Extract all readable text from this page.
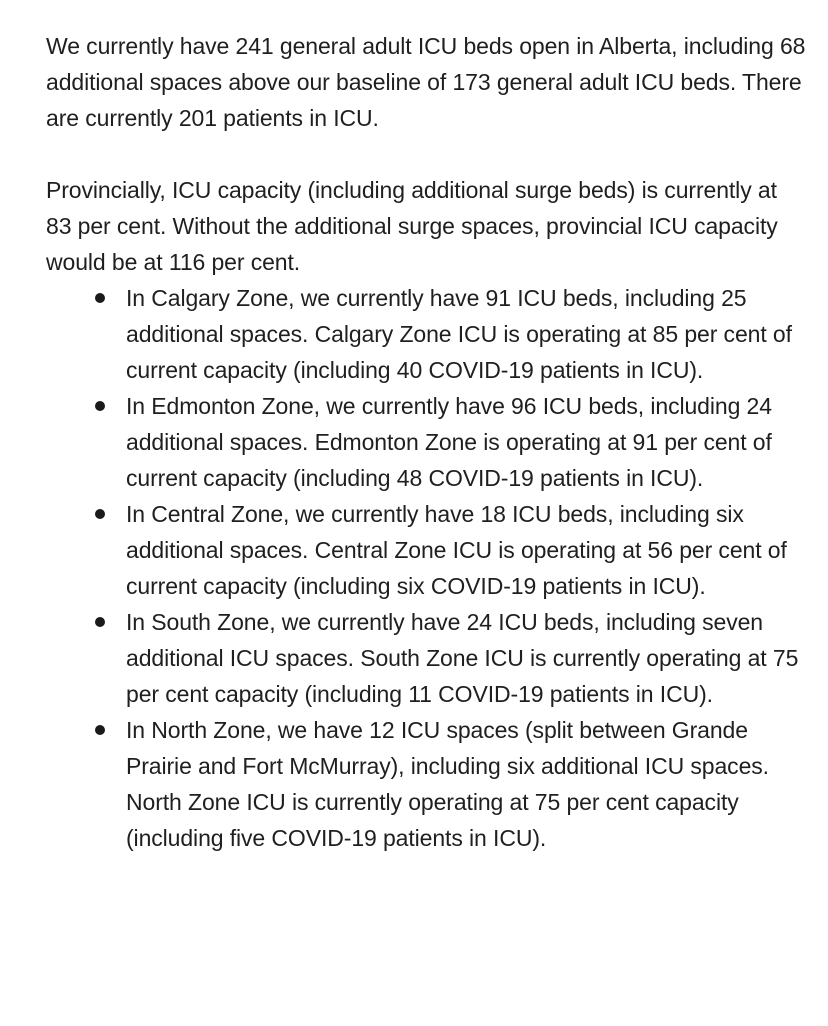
We currently have 241 general adult ICU beds open in Alberta, including 68 additional spaces above our baseline of 173 general adult ICU beds. There are currently 201 patients in ICU.

Provincially, ICU capacity (including additional surge beds) is currently at 83 per cent. Without the additional surge spaces, provincial ICU capacity would be at 116 per cent.

In Calgary Zone, we currently have 91 ICU beds, including 25 additional spaces. Calgary Zone ICU is operating at 85 per cent of current capacity (including 40 COVID-19 patients in ICU).
In Edmonton Zone, we currently have 96 ICU beds, including 24 additional spaces. Edmonton Zone is operating at 91 per cent of current capacity (including 48 COVID-19 patients in ICU).
In Central Zone, we currently have 18 ICU beds, including six additional spaces. Central Zone ICU is operating at 56 per cent of current capacity (including six COVID-19 patients in ICU).
In South Zone, we currently have 24 ICU beds, including seven additional ICU spaces. South Zone ICU is currently operating at 75 per cent capacity (including 11 COVID-19 patients in ICU).
In North Zone, we have 12 ICU spaces (split between Grande Prairie and Fort McMurray), including six additional ICU spaces. North Zone ICU is currently operating at 75 per cent capacity (including five COVID-19 patients in ICU).
